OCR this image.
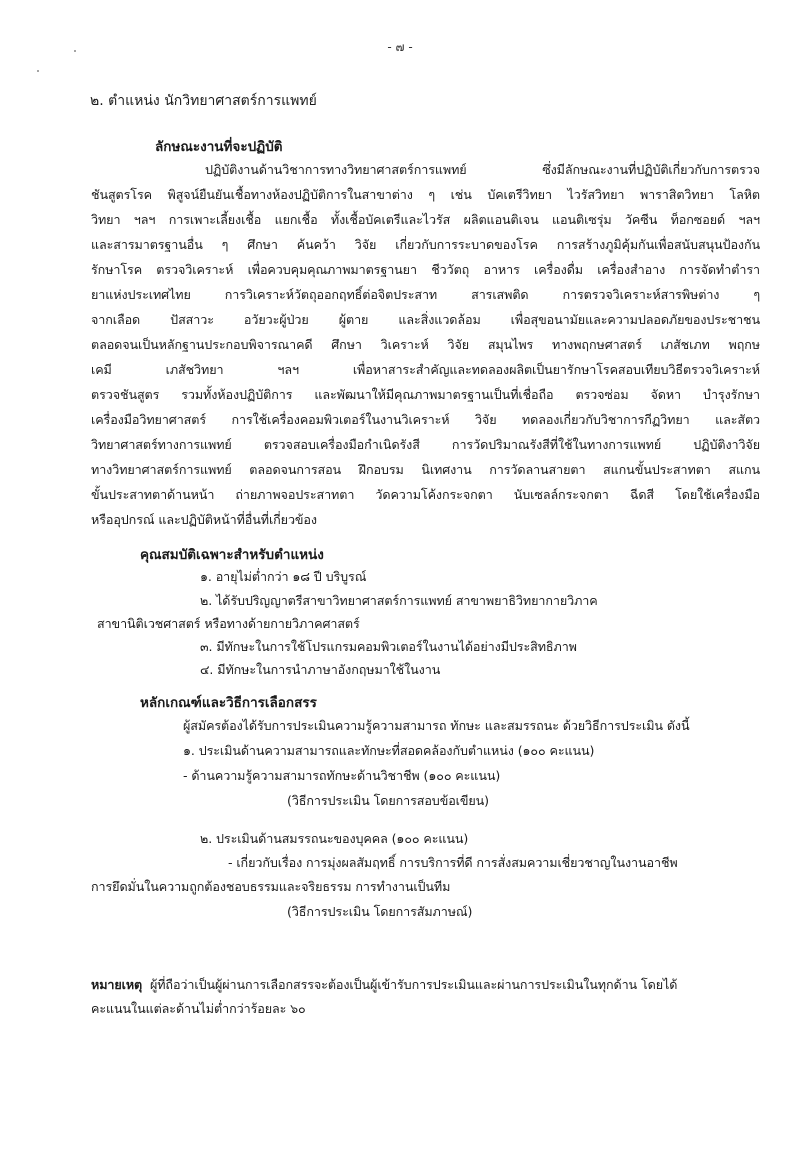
- ๗ -
๒. ตำแหน่ง นักวิทยาศาสตร์การแพทย์
ลักษณะงานที่จะปฏิบัติ
ปฏิบัติงานด้านวิชาการทางวิทยาศาสตร์การแพทย์ ซึ่งมีลักษณะงานที่ปฏิบัติเกี่ยวกับการตรวจ
ชันสูตรโรค พิสูจน์ยืนยันเชื้อทางห้องปฏิบัติการในสาขาต่าง ๆ เช่น บัคเตรีวิทยา ไวรัสวิทยา พาราสิตวิทยา โลหิต
วิทยา ฯลฯ การเพาะเลี้ยงเชื้อ แยกเชื้อ ทั้งเชื้อบัคเตรีและไวรัส ผลิตแอนติเจน แอนติเซรุ่ม วัคซีน ท็อกซอยด์ ฯลฯ
และสารมาตรฐานอื่น ๆ ศึกษา ค้นคว้า วิจัย เกี่ยวกับการระบาดของโรค การสร้างภูมิคุ้มกันเพื่อสนับสนุนป้องกัน
รักษาโรค ตรวจวิเคราะห์ เพื่อควบคุมคุณภาพมาตรฐานยา ชีววัตถุ อาหาร เครื่องดื่ม เครื่องสำอาง การจัดทำตำรา
ยาแห่งประเทศไทย การวิเคราะห์วัตถุออกฤทธิ์ต่อจิตประสาท สารเสพติด การตรวจวิเคราะห์สารพิษต่าง ๆ
จากเลือด ปัสสาวะ อวัยวะผู้ป่วย ผู้ตาย และสิ่งแวดล้อม เพื่อสุขอนามัยและความปลอดภัยของประชาชน
ตลอดจนเป็นหลักฐานประกอบพิจารณาคดี ศึกษา วิเคราะห์ วิจัย สมุนไพร ทางพฤกษศาสตร์ เภสัชเภท พฤกษ
เคมี เภสัชวิทยา ฯลฯ เพื่อหาสาระสำคัญและทดลองผลิตเป็นยารักษาโรคสอบเทียบวิธีตรวจวิเคราะห์
ตรวจชันสูตร รวมทั้งห้องปฏิบัติการ และพัฒนาให้มีคุณภาพมาตรฐานเป็นที่เชื่อถือ ตรวจซ่อม จัดหา บำรุงรักษา
เครื่องมือวิทยาศาสตร์ การใช้เครื่องคอมพิวเตอร์ในงานวิเคราะห์ วิจัย ทดลองเกี่ยวกับวิชาการกีฏวิทยา และสัตว
วิทยาศาสตร์ทางการแพทย์ ตรวจสอบเครื่องมือกำเนิดรังสี การวัดปริมาณรังสีที่ใช้ในทางการแพทย์ ปฏิบัติงาวิจัย
ทางวิทยาศาสตร์การแพทย์ ตลอดจนการสอน ฝึกอบรม นิเทศงาน การวัดลานสายตา สแกนขั้นประสาทตา สแกน
ขั้นประสาทตาด้านหน้า ถ่ายภาพจอประสาทตา วัดความโค้งกระจกตา นับเซลล์กระจกตา ฉีดสี โดยใช้เครื่องมือ
หรืออุปกรณ์ และปฏิบัติหน้าที่อื่นที่เกี่ยวข้อง
คุณสมบัติเฉพาะสำหรับตำแหน่ง
๑. อายุไม่ต่ำกว่า ๑๘ ปี บริบูรณ์
๒. ได้รับปริญญาตรีสาขาวิทยาศาสตร์การแพทย์ สาขาพยาธิวิทยากายวิภาค
สาขานิติเวชศาสตร์ หรือทางด้ายกายวิภาคศาสตร์
๓. มีทักษะในการใช้โปรแกรมคอมพิวเตอร์ในงานได้อย่างมีประสิทธิภาพ
๔. มีทักษะในการนำภาษาอังกฤษมาใช้ในงาน
หลักเกณฑ์และวิธีการเลือกสรร
ผู้สมัครต้องได้รับการประเมินความรู้ความสามารถ ทักษะ และสมรรถนะ ด้วยวิธีการประเมิน ดังนี้
๑. ประเมินด้านความสามารถและทักษะที่สอดคล้องกับตำแหน่ง (๑๐๐ คะแนน)
- ด้านความรู้ความสามารถทักษะด้านวิชาชีพ (๑๐๐ คะแนน)
(วิธีการประเมิน โดยการสอบข้อเขียน)
๒. ประเมินด้านสมรรถนะของบุคคล (๑๐๐ คะแนน)
- เกี่ยวกับเรื่อง การมุ่งผลสัมฤทธิ์ การบริการที่ดี การสั่งสมความเชี่ยวชาญในงานอาชีพ
การยึดมั่นในความถูกต้องชอบธรรมและจริยธรรม การทำงานเป็นทีม
(วิธีการประเมิน โดยการสัมภาษณ์)
หมายเหตุ ผู้ที่ถือว่าเป็นผู้ผ่านการเลือกสรรจะต้องเป็นผู้เข้ารับการประเมินและผ่านการประเมินในทุกด้าน โดยได้
คะแนนในแต่ละด้านไม่ต่ำกว่าร้อยละ ๖๐
